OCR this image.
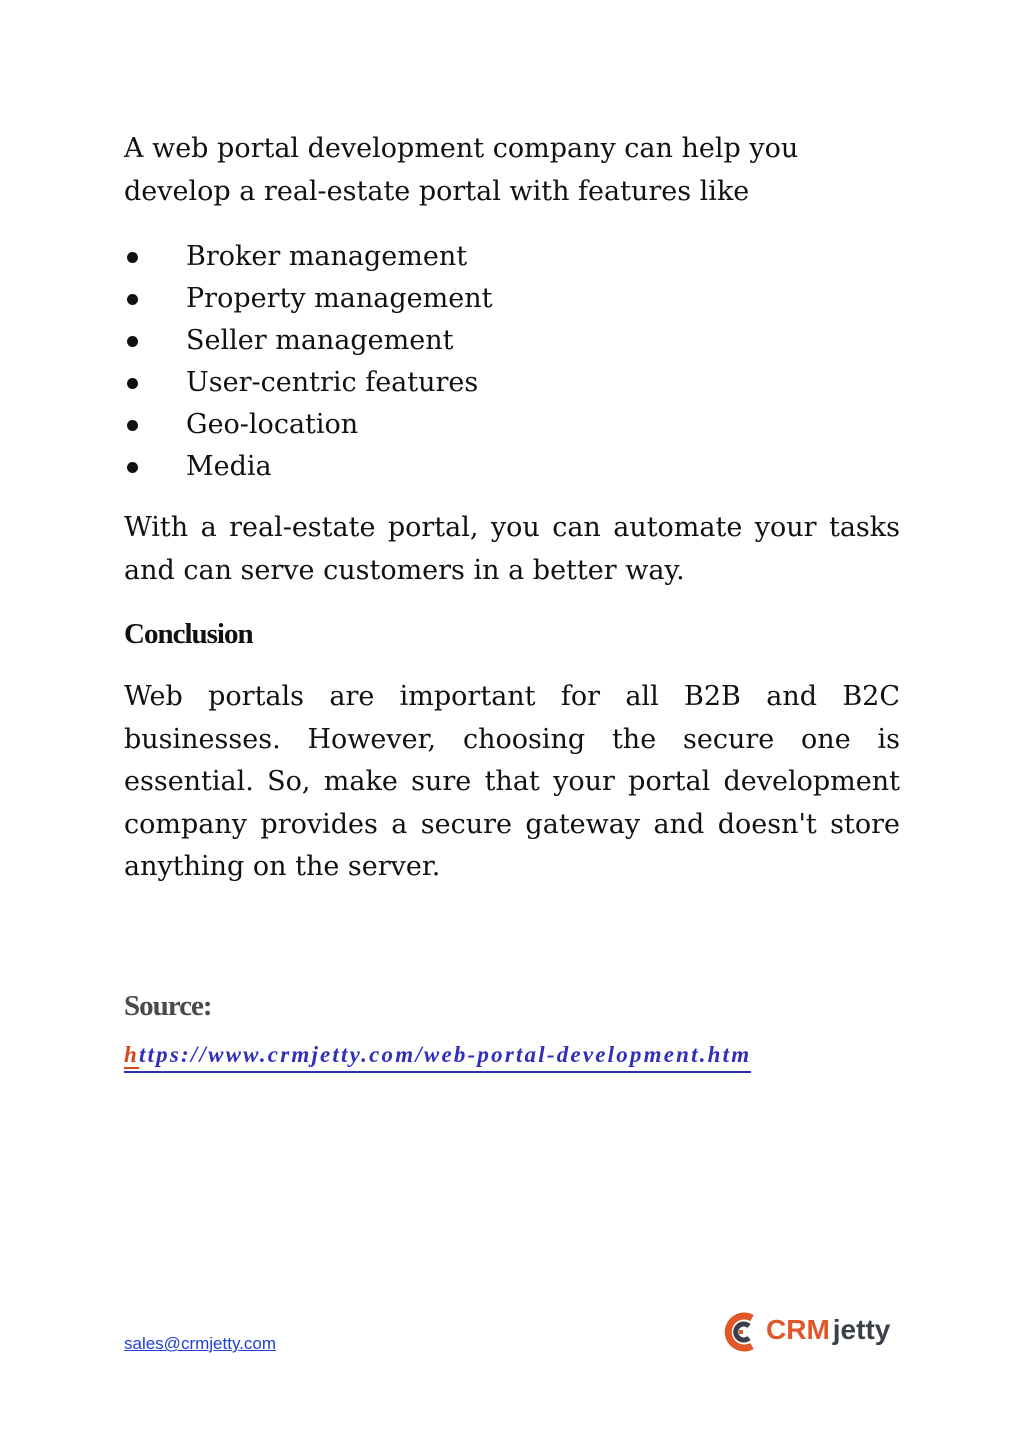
A web portal development company can help you develop a real-estate portal with features like

Broker management
Property management
Seller management
User-centric features
Geo-location
Media

With a real-estate portal, you can automate your tasks and can serve customers in a better way.

Conclusion

Web portals are important for all B2B and B2C businesses. However, choosing the secure one is essential. So, make sure that your portal development company provides a secure gateway and doesn't store anything on the server.

Source:
https://www.crmjetty.com/web-portal-development.htm
sales@crmjetty.com	CRM jetty
